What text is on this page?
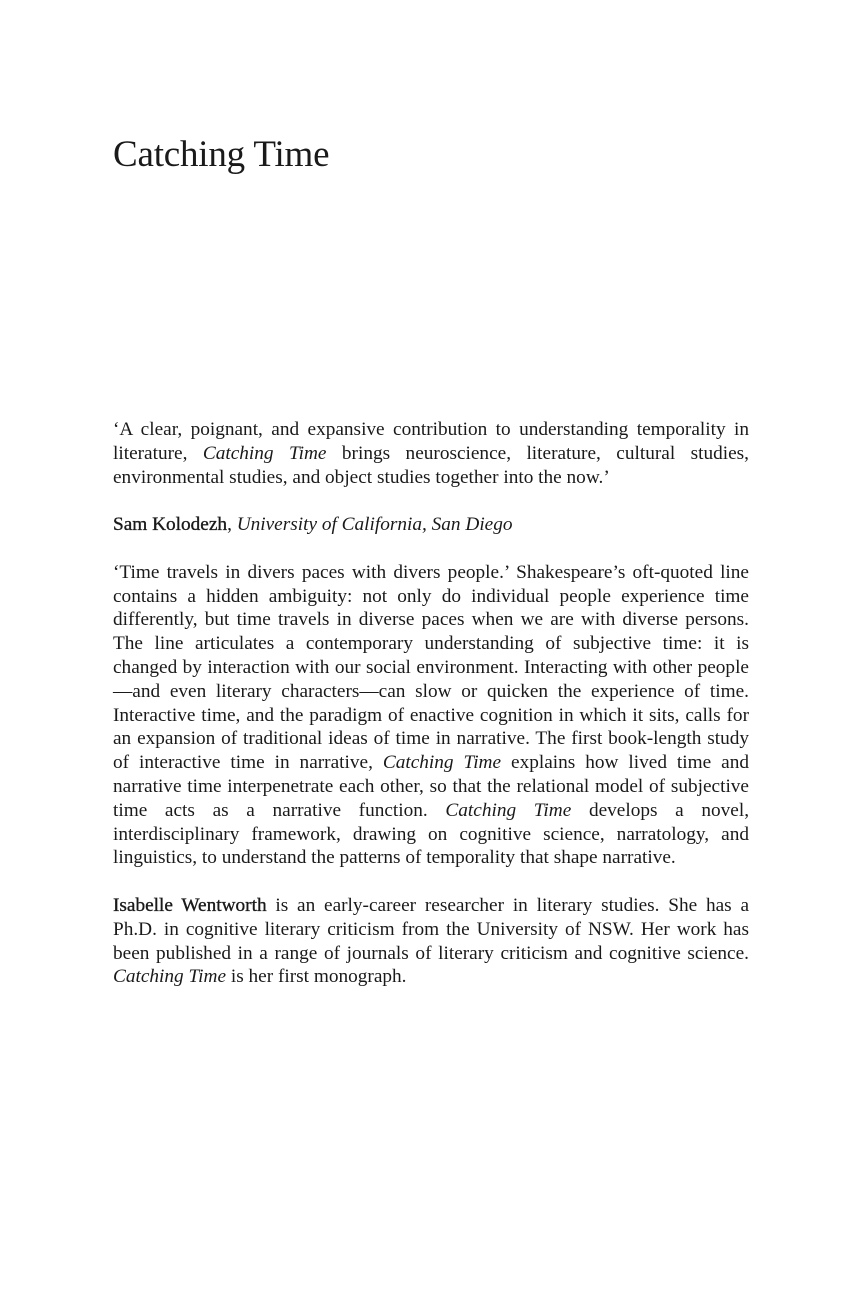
Catching Time

‘A clear, poignant, and expansive contribution to understanding temporality in literature, Catching Time brings neuroscience, literature, cultural studies, environmental studies, and object studies together into the now.’

Sam Kolodezh, University of California, San Diego

‘Time travels in divers paces with divers people.’ Shakespeare’s oft-quoted line contains a hidden ambiguity: not only do individual people experience time differently, but time travels in diverse paces when we are with diverse persons. The line articulates a contemporary understanding of subjective time: it is changed by interaction with our social environment. Interacting with other people—and even literary characters—can slow or quicken the experience of time. Interactive time, and the paradigm of enactive cognition in which it sits, calls for an expansion of traditional ideas of time in narrative. The first book-length study of interactive time in narrative, Catching Time explains how lived time and narrative time interpenetrate each other, so that the relational model of subjective time acts as a narrative function. Catching Time develops a novel, interdisciplinary framework, drawing on cognitive science, narratology, and linguistics, to understand the patterns of temporality that shape narrative.

Isabelle Wentworth is an early-career researcher in literary studies. She has a Ph.D. in cognitive literary criticism from the University of NSW. Her work has been published in a range of journals of literary criticism and cognitive science. Catching Time is her first monograph.
